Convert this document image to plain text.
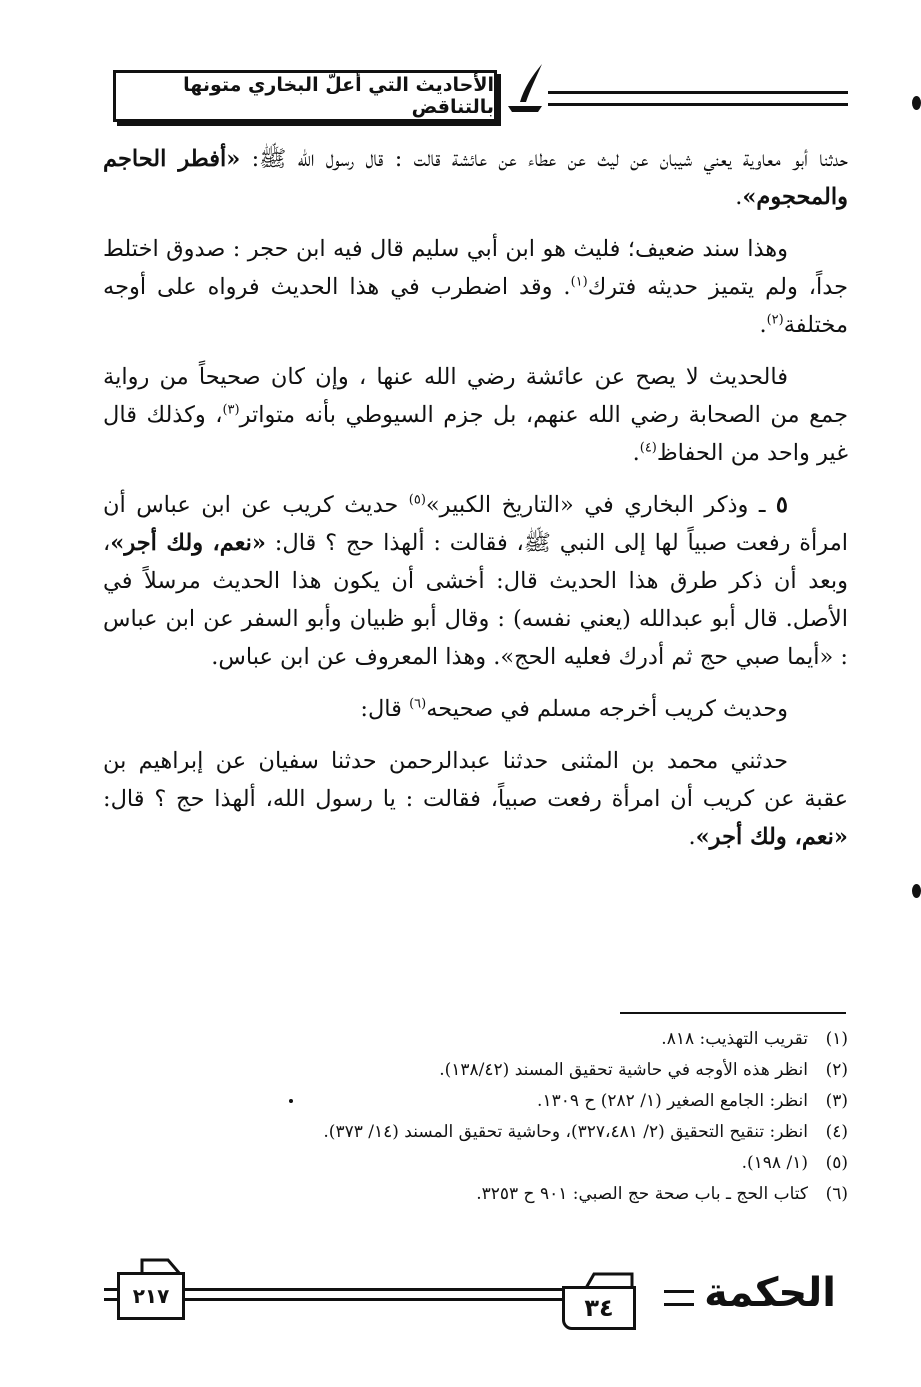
الأحاديث التي أعلّ البخاري متونها بالتناقض

حدثنا أبو معاوية يعني شيبان عن ليث عن عطاء عن عائشة قالت : قال رسول الله ﷺ: «أفطر الحاجم والمحجوم».

وهذا سند ضعيف؛ فليث هو ابن أبي سليم قال فيه ابن حجر : صدوق اختلط جداً، ولم يتميز حديثه فترك$^{(١)}$. وقد اضطرب في هذا الحديث فرواه على أوجه مختلفة$^{(٢)}$.

فالحديث لا يصح عن عائشة رضي الله عنها ، وإن كان صحيحاً من رواية جمع من الصحابة رضي الله عنهم، بل جزم السيوطي بأنه متواتر$^{(٣)}$، وكذلك قال غير واحد من الحفاظ$^{(٤)}$.

٥ ـ وذكر البخاري في «التاريخ الكبير»$^{(٥)}$ حديث كريب عن ابن عباس أن امرأة رفعت صبياً لها إلى النبي ﷺ، فقالت : ألهذا حج ؟ قال: «نعم، ولك أجر»، وبعد أن ذكر طرق هذا الحديث قال: أخشى أن يكون هذا الحديث مرسلاً في الأصل. قال أبو عبدالله (يعني نفسه) : وقال أبو ظبيان وأبو السفر عن ابن عباس : «أيما صبي حج ثم أدرك فعليه الحج». وهذا المعروف عن ابن عباس.

وحديث كريب أخرجه مسلم في صحيحه$^{(٦)}$ قال:

حدثني محمد بن المثنى حدثنا عبدالرحمن حدثنا سفيان عن إبراهيم بن عقبة عن كريب أن امرأة رفعت صبياً، فقالت : يا رسول الله، ألهذا حج ؟ قال: «نعم، ولك أجر».

(١)تقريب التهذيب: ٨١٨.
(٢)انظر هذه الأوجه في حاشية تحقيق المسند (١٣٨/٤٢).
(٣)انظر: الجامع الصغير (١/ ٢٨٢) ح ١٣٠٩.
(٤)انظر: تنقيح التحقيق (٢/ ٣٢٧،٤٨١)، وحاشية تحقيق المسند (١٤/ ٣٧٣).
(٥)(١/ ١٩٨).
(٦)كتاب الحج ـ باب صحة حج الصبي: ٩٠١ ح ٣٢٥٣.
٢١٧	٣٤ الحكمة
